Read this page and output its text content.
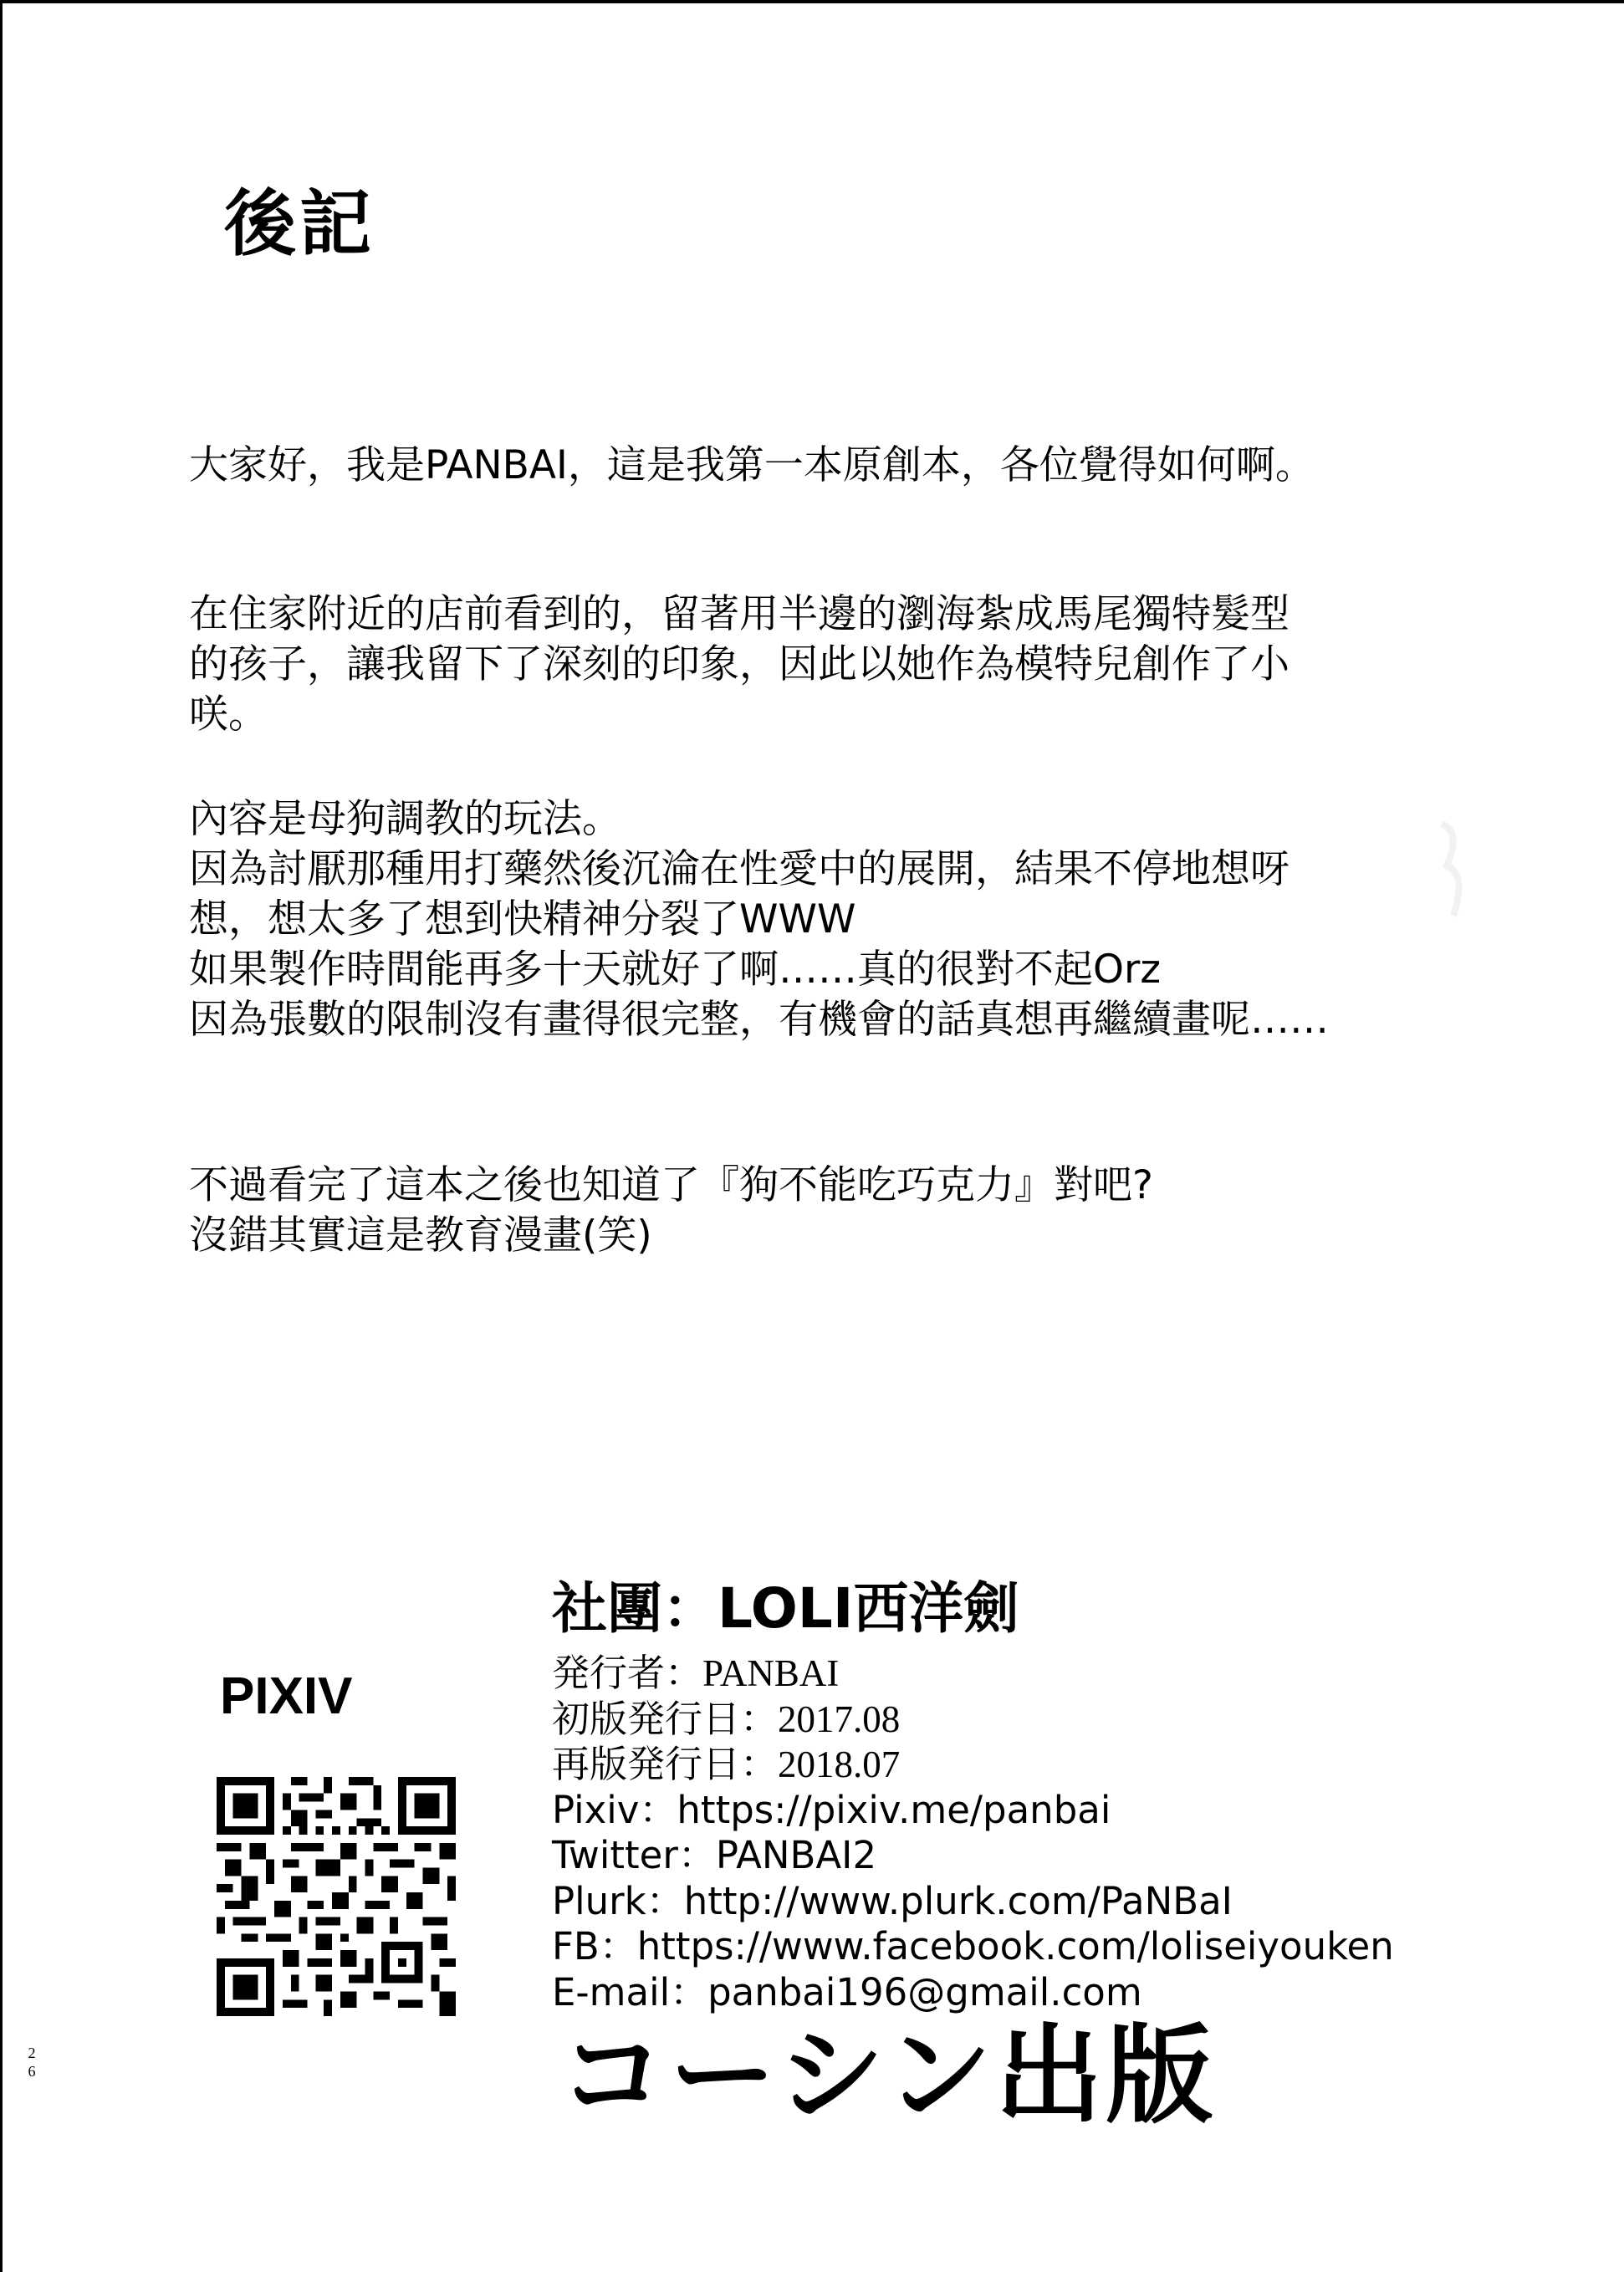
後記
大家好，我是PANBAI，這是我第一本原創本，各位覺得如何啊。
在住家附近的店前看到的，留著用半邊的瀏海紮成馬尾獨特髮型
的孩子，讓我留下了深刻的印象，因此以她作為模特兒創作了小
咲。
內容是母狗調教的玩法。
因為討厭那種用打藥然後沉淪在性愛中的展開，結果不停地想呀
想，想太多了想到快精神分裂了WWW
如果製作時間能再多十天就好了啊……真的很對不起Orz
因為張數的限制沒有畫得很完整，有機會的話真想再繼續畫呢……
不過看完了這本之後也知道了『狗不能吃巧克力』對吧?
沒錯其實這是教育漫畫(笑)
PIXIV
社團：LOLI西洋劍
発行者：PANBAI
初版発行日：2017.08
再版発行日：2018.07
Pixiv：https://pixiv.me/panbai
Twitter：PANBAI2
Plurk：http://www.plurk.com/PaNBaI
FB：https://www.facebook.com/loliseiyouken
E-mail：panbai196@gmail.com
コーシン出版
26
